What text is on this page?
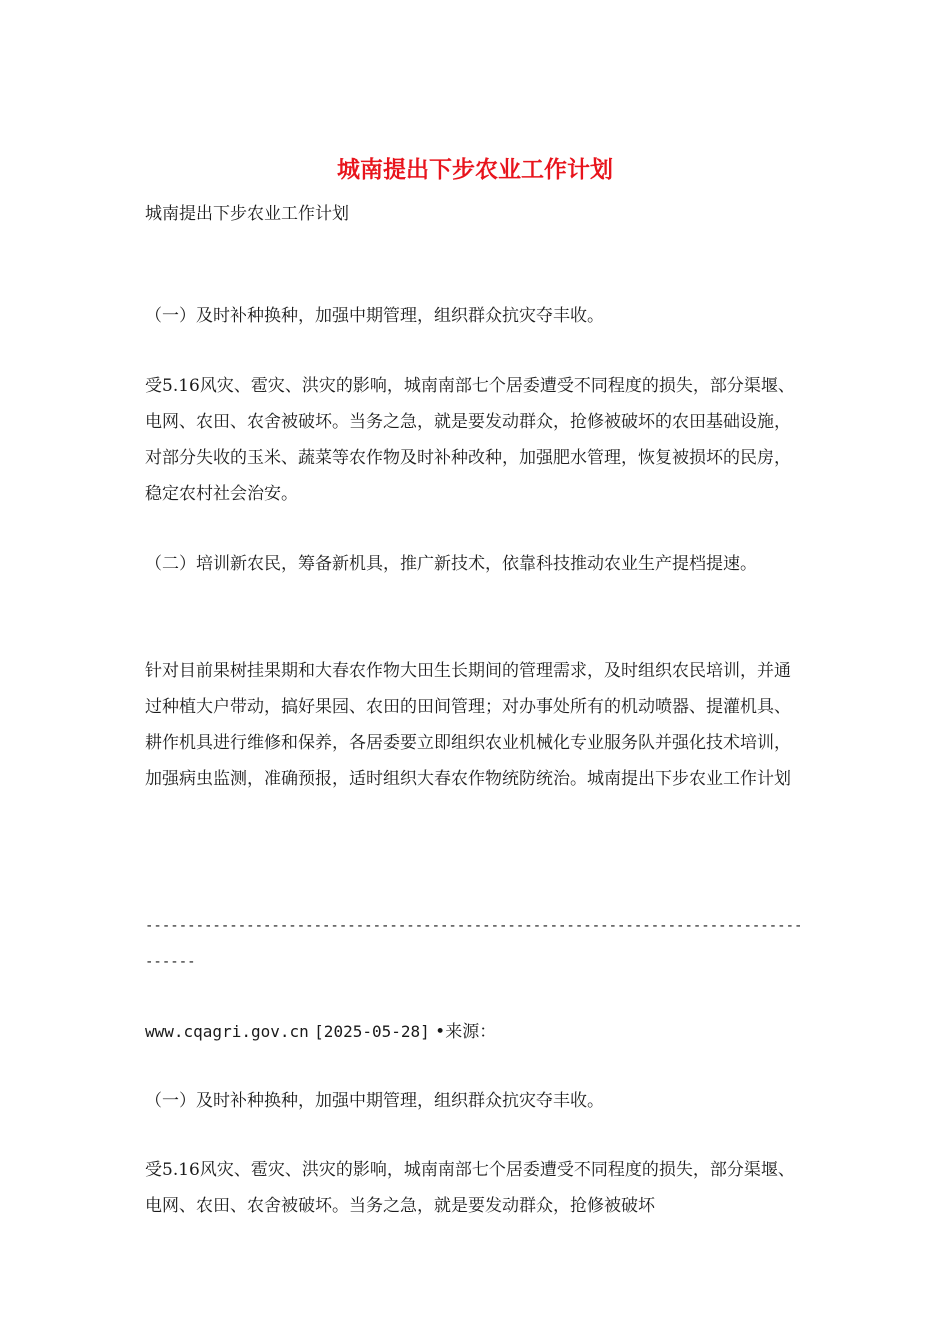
城南提出下步农业工作计划

城南提出下步农业工作计划

（一）及时补种换种，加强中期管理，组织群众抗灾夺丰收。

受5.16风灾、雹灾、洪灾的影响，城南南部七个居委遭受不同程度的损失，部分渠堰、电网、农田、农舍被破坏。当务之急，就是要发动群众，抢修被破坏的农田基础设施，对部分失收的玉米、蔬菜等农作物及时补种改种，加强肥水管理，恢复被损坏的民房，稳定农村社会治安。

（二）培训新农民，筹备新机具，推广新技术，依靠科技推动农业生产提档提速。

针对目前果树挂果期和大春农作物大田生长期间的管理需求，及时组织农民培训，并通过种植大户带动，搞好果园、农田的田间管理；对办事处所有的机动喷器、提灌机具、耕作机具进行维修和保养，各居委要立即组织农业机械化专业服务队并强化技术培训，加强病虫监测，准确预报，适时组织大春农作物统防统治。城南提出下步农业工作计划

------------------------------------------------------------------------------------
www.cqagri.gov.cn [2025-05-28] •来源：

（一）及时补种换种，加强中期管理，组织群众抗灾夺丰收。

受5.16风灾、雹灾、洪灾的影响，城南南部七个居委遭受不同程度的损失，部分渠堰、电网、农田、农舍被破坏。当务之急，就是要发动群众，抢修被破坏
